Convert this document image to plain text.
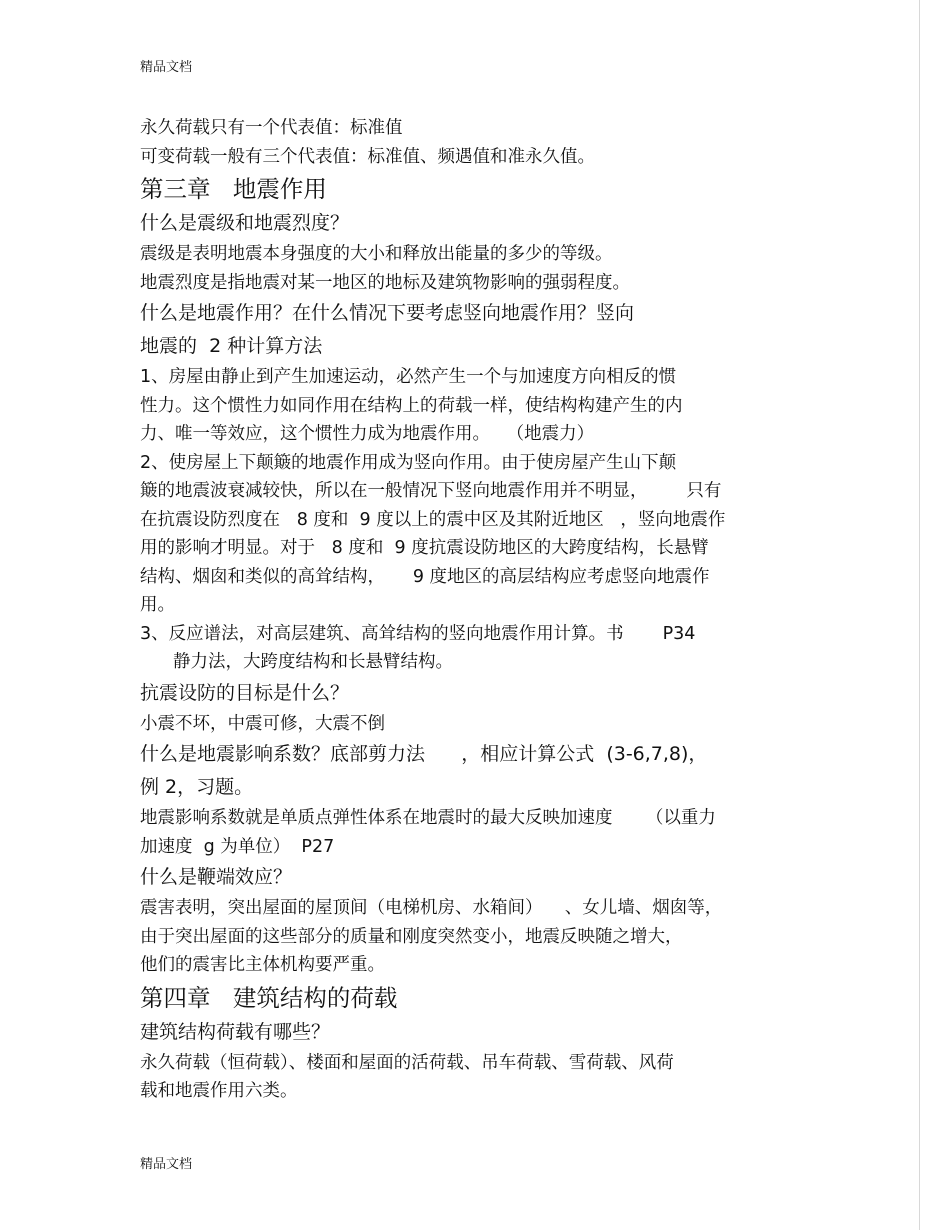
精品文档
永久荷载只有一个代表值：标准值
可变荷载一般有三个代表值：标准值、频遇值和准永久值。
第三章   地震作用
什么是震级和地震烈度？
震级是表明地震本身强度的大小和释放出能量的多少的等级。
地震烈度是指地震对某一地区的地标及建筑物影响的强弱程度。
什么是地震作用？在什么情况下要考虑竖向地震作用？竖向
地震的  2 种计算方法
1、房屋由静止到产生加速运动，必然产生一个与加速度方向相反的惯
性力。这个惯性力如同作用在结构上的荷载一样，使结构构建产生的内
力、唯一等效应，这个惯性力成为地震作用。   （地震力）
2、使房屋上下颠簸的地震作用成为竖向作用。由于使房屋产生山下颠
簸的地震波衰减较快，所以在一般情况下竖向地震作用并不明显，       只有
在抗震设防烈度在   8 度和  9 度以上的震中区及其附近地区   ，竖向地震作
用的影响才明显。对于   8 度和  9 度抗震设防地区的大跨度结构，长悬臂
结构、烟囱和类似的高耸结构，     9 度地区的高层结构应考虑竖向地震作
用。
3、反应谱法，对高层建筑、高耸结构的竖向地震作用计算。书       P34
静力法，大跨度结构和长悬臂结构。
抗震设防的目标是什么？
小震不坏，中震可修，大震不倒
什么是地震影响系数？底部剪力法      ，相应计算公式  (3-6,7,8)，
例 2，习题。
地震影响系数就是单质点弹性体系在地震时的最大反映加速度      （以重力
加速度  g 为单位）  P27
什么是鞭端效应？
震害表明，突出屋面的屋顶间（电梯机房、水箱间）    、女儿墙、烟囱等，
由于突出屋面的这些部分的质量和刚度突然变小，地震反映随之增大，
他们的震害比主体机构要严重。
第四章   建筑结构的荷载
建筑结构荷载有哪些？
永久荷载（恒荷载）、楼面和屋面的活荷载、吊车荷载、雪荷载、风荷
载和地震作用六类。
精品文档
